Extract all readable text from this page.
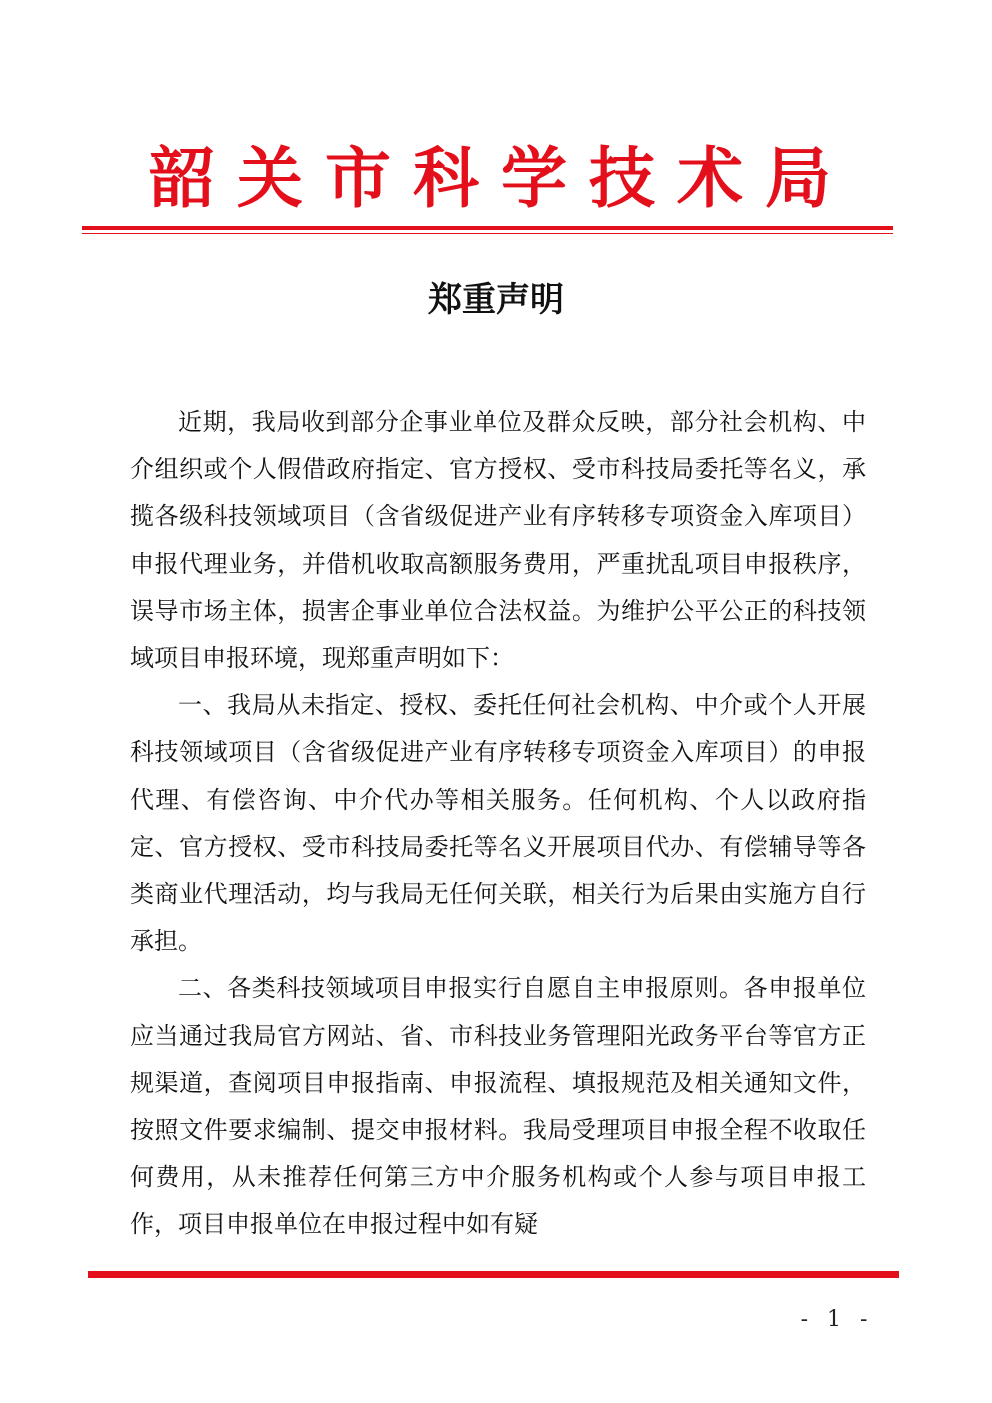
韶关市科学技术局
郑重声明

近期，我局收到部分企事业单位及群众反映，部分社会机构、中介组织或个人假借政府指定、官方授权、受市科技局委托等名义，承揽各级科技领域项目（含省级促进产业有序转移专项资金入库项目）申报代理业务，并借机收取高额服务费用，严重扰乱项目申报秩序，误导市场主体，损害企事业单位合法权益。为维护公平公正的科技领域项目申报环境，现郑重声明如下：

一、我局从未指定、授权、委托任何社会机构、中介或个人开展科技领域项目（含省级促进产业有序转移专项资金入库项目）的申报代理、有偿咨询、中介代办等相关服务。任何机构、个人以政府指定、官方授权、受市科技局委托等名义开展项目代办、有偿辅导等各类商业代理活动，均与我局无任何关联，相关行为后果由实施方自行承担。

二、各类科技领域项目申报实行自愿自主申报原则。各申报单位应当通过我局官方网站、省、市科技业务管理阳光政务平台等官方正规渠道，查阅项目申报指南、申报流程、填报规范及相关通知文件，按照文件要求编制、提交申报材料。我局受理项目申报全程不收取任何费用，从未推荐任何第三方中介服务机构或个人参与项目申报工作，项目申报单位在申报过程中如有疑

- 1 -
